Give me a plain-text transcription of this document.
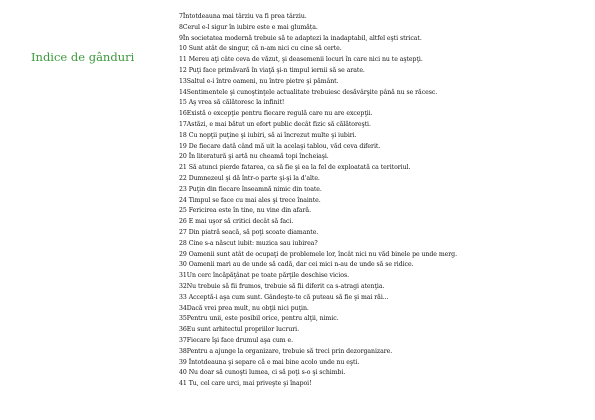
Indice de gânduri
7Întotdeauna mai târziu va fi prea târziu.
8Cerul e-l sigur în iubire este e mai glumăța.
9În societatea modernă trebuie să te adaptezi la inadaptabil, altfel eşti stricat.
10 Sunt atât de singur, că n-am nici cu cine să certe.
11 Mereu aţi câte ceva de văzut, şi deasemenii locuri în care nici nu te aştepţi.
12 Puţi face primăvară în viaţă şi-n timpul iernii să se arate.
13Saltul e-i între oameni, nu între pietre şi pământ.
14Sentimentele şi cunoştinţele actualitate trebuiesc desăvârşite până nu se răcesc.
15 Aş vrea să călătoresc la infinit!
16Există o excepţie pentru fiecare regulă care nu are excepţii.
17Astăzi, e mai bătut un efort public decât fizic să călătoreşti.
18 Cu nopţii puţine şi iubiri, să ai încrezut multe şi iubiri.
19 De fiecare dată când mă uit la acelaşi tablou, văd ceva diferit.
20 În literatură şi artă nu cheamă topi încheiaşi.
21 Să atunci pierde fatarea, ca să fie şi ea la fel de exploatată ca teritoriul.
22 Dumnezeul şi dă într-o parte şi-şi la d'alte.
23 Puţin din fiecare înseamnă nimic din toate.
24 Timpul se face cu mai ales şi trece înainte.
25 Fericirea este în tine, nu vine din afară.
26 E mai uşor să critici decât să faci.
27 Din piatră seacă, să poţi scoate diamante.
28 Cine s-a născut iubit: muzica sau iubirea?
29 Oamenii sunt atât de ocupaţi de problemele lor, încât nici nu văd binele pe unde merg.
30 Oamenii mari au de unde să cadă, dar cei mici n-au de unde să se ridice.
31Un cerc încăpăţânat pe toate părţile deschise vicios.
32Nu trebuie să fii frumos, trebuie să fii diferit ca s-atragi atenţia.
33 Acceptă-i aşa cum sunt. Gândeşte-te că puteau să fie şi mai răi...
34Dacă vrei prea mult, nu obţii nici puţin.
35Pentru unii, este posibil orice, pentru alţii, nimic.
36Eu sunt arhitectul propriilor lucruri.
37Fiecare îşi face drumul aşa cum e.
38Pentru a ajunge la organizare, trebuie să treci prin dezorganizare.
39 Întotdeauna şi separe că e mai bine acolo unde nu eşti.
40 Nu doar să cunoşti lumea, ci să poţi s-o şi schimbi.
41 Tu, cel care urci, mai priveşte şi înapoi!
